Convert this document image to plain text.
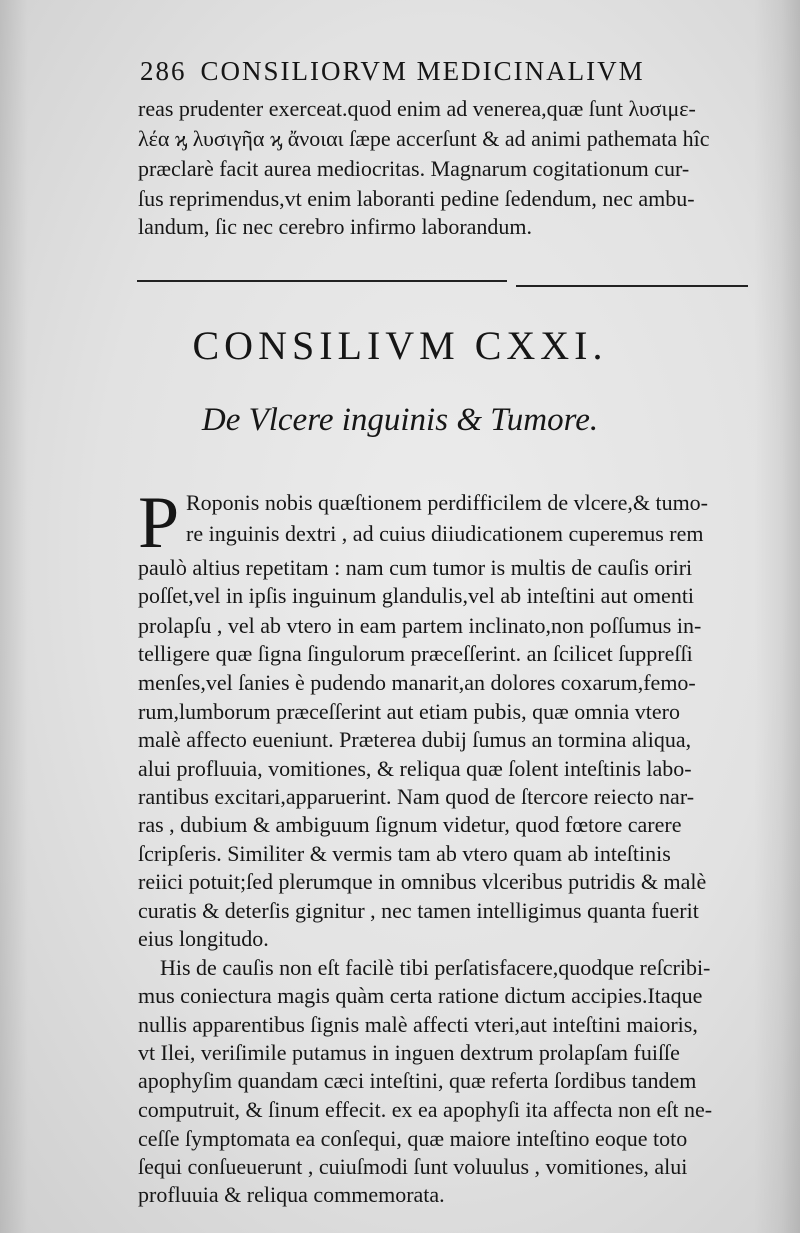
286 CONSILIORVM MEDICINALIVM
reas prudenter exerceat.quod enim ad venerea,quæ ſunt λυσιμε-
λέα ϗ λυσιγῆα ϗ ἄνοιαι ſæpe accerſunt & ad animi pathemata hîc
præclarè facit aurea mediocritas. Magnarum cogitationum cur-
ſus reprimendus,vt enim laboranti pedine ſedendum, nec ambu-
landum, ſic nec cerebro infirmo laborandum.
CONSILIVM CXXI.
De Vlcere inguinis & Tumore.
P Roponis nobis quæſtionem perdifficilem de vlcere,& tumo-
re inguinis dextri , ad cuius diiudicationem cuperemus rem
paulò altius repetitam : nam cum tumor is multis de cauſis oriri
poſſet,vel in ipſis inguinum glandulis,vel ab inteſtini aut omenti
prolapſu , vel ab vtero in eam partem inclinato,non poſſumus in-
telligere quæ ſigna ſingulorum præceſſerint. an ſcilicet ſuppreſſi
menſes,vel ſanies è pudendo manarit,an dolores coxarum,femo-
rum,lumborum præceſſerint aut etiam pubis, quæ omnia vtero
malè affecto eueniunt. Præterea dubij ſumus an tormina aliqua,
alui profluuia, vomitiones, & reliqua quæ ſolent inteſtinis labo-
rantibus excitari,apparuerint. Nam quod de ſtercore reiecto nar-
ras , dubium & ambiguum ſignum videtur, quod fœtore carere
ſcripſeris. Similiter & vermis tam ab vtero quam ab inteſtinis
reiici potuit;ſed plerumque in omnibus vlceribus putridis & malè
curatis & deterſis gignitur , nec tamen intelligimus quanta fuerit
eius longitudo.
His de cauſis non eſt facilè tibi perſatisfacere,quodque reſcribi-
mus coniectura magis quàm certa ratione dictum accipies.Itaque
nullis apparentibus ſignis malè affecti vteri,aut inteſtini maioris,
vt Ilei, veriſimile putamus in inguen dextrum prolapſam fuiſſe
apophyſim quandam cæci inteſtini, quæ referta ſordibus tandem
computruit, & ſinum effecit. ex ea apophyſi ita affecta non eſt ne-
ceſſe ſymptomata ea conſequi, quæ maiore inteſtino eoque toto
ſequi conſueuerunt , cuiuſmodi ſunt voluulus , vomitiones, alui
profluuia & reliqua commemorata.
